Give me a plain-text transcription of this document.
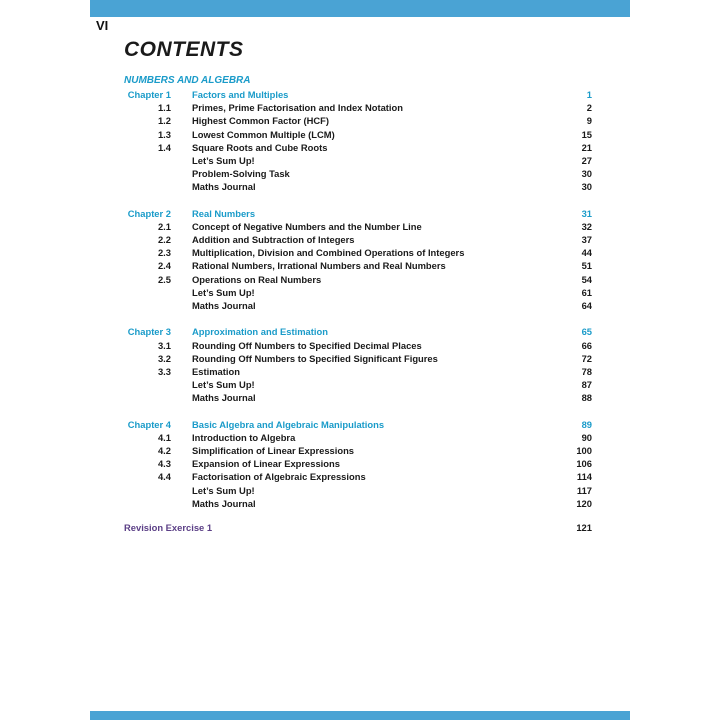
VI
CONTENTS
NUMBERS AND ALGEBRA
Chapter 1 Factors and Multiples	1
1.1 Primes, Prime Factorisation and Index Notation	2
1.2 Highest Common Factor (HCF)	9
1.3 Lowest Common Multiple (LCM)	15
1.4 Square Roots and Cube Roots	21
Let’s Sum Up!	27
Problem-Solving Task	30
Maths Journal	30
Chapter 2 Real Numbers	31
2.1 Concept of Negative Numbers and the Number Line	32
2.2 Addition and Subtraction of Integers	37
2.3 Multiplication, Division and Combined Operations of Integers	44
2.4 Rational Numbers, Irrational Numbers and Real Numbers	51
2.5 Operations on Real Numbers	54
Let’s Sum Up!	61
Maths Journal	64
Chapter 3 Approximation and Estimation	65
3.1 Rounding Off Numbers to Specified Decimal Places	66
3.2 Rounding Off Numbers to Specified Significant Figures	72
3.3 Estimation	78
Let’s Sum Up!	87
Maths Journal	88
Chapter 4 Basic Algebra and Algebraic Manipulations	89
4.1 Introduction to Algebra	90
4.2 Simplification of Linear Expressions	100
4.3 Expansion of Linear Expressions	106
4.4 Factorisation of Algebraic Expressions	114
Let’s Sum Up!	117
Maths Journal	120
Revision Exercise 1	121
